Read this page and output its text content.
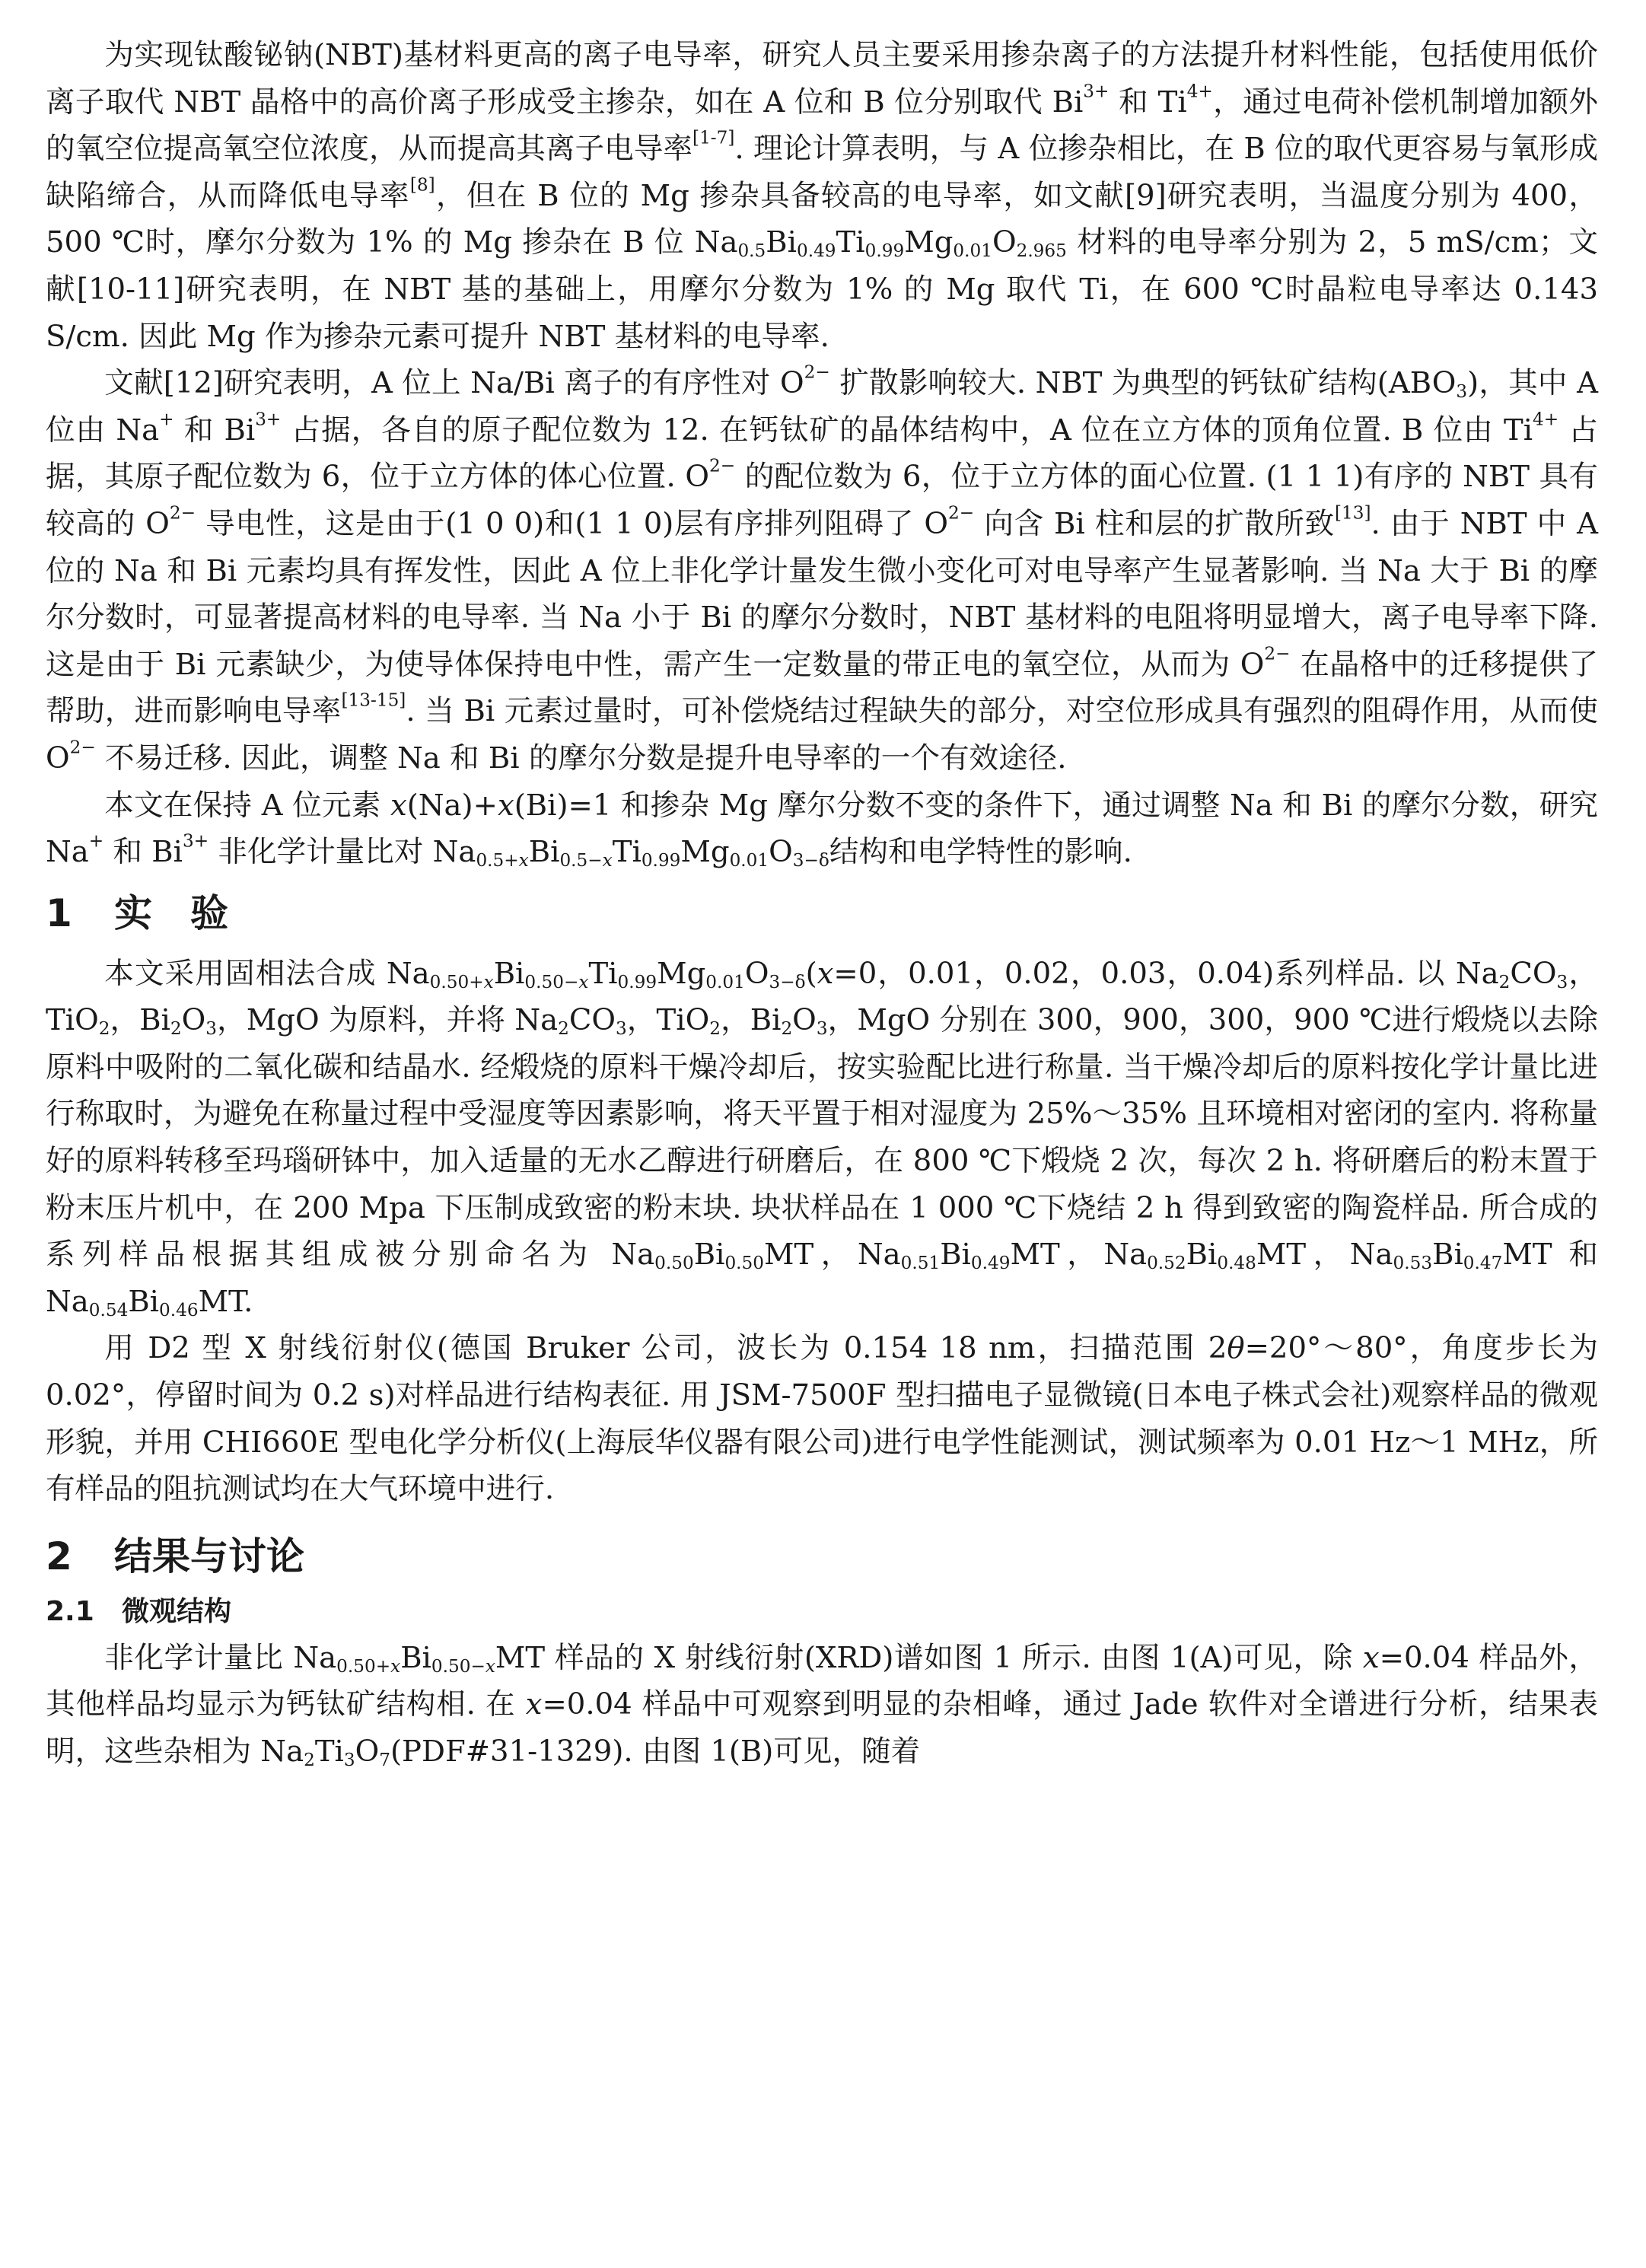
为实现钛酸铋钠(NBT)基材料更高的离子电导率，研究人员主要采用掺杂离子的方法提升材料性能，包括使用低价离子取代 NBT 晶格中的高价离子形成受主掺杂，如在 A 位和 B 位分别取代 $Bi^{3+}$ 和 $Ti^{4+}$，通过电荷补偿机制增加额外的氧空位提高氧空位浓度，从而提高其离子电导率[1-7]. 理论计算表明，与 A 位掺杂相比，在 B 位的取代更容易与氧形成缺陷缔合，从而降低电导率[8]，但在 B 位的 Mg 掺杂具备较高的电导率，如文献[9]研究表明，当温度分别为 400，500 ℃时，摩尔分数为 1% 的 Mg 掺杂在 B 位 $Na_{0.5}Bi_{0.49}Ti_{0.99}Mg_{0.01}O_{2.965}$ 材料的电导率分别为 2，5 mS/cm；文献[10-11]研究表明，在 NBT 基的基础上，用摩尔分数为 1% 的 Mg 取代 Ti，在 600 ℃时晶粒电导率达 0.143 S/cm. 因此 Mg 作为掺杂元素可提升 NBT 基材料的电导率.

文献[12]研究表明，A 位上 Na/Bi 离子的有序性对 $O^{2-}$ 扩散影响较大. NBT 为典型的钙钛矿结构$(ABO_3)$，其中 A 位由 Na+ 和 $Bi^{3+}$ 占据，各自的原子配位数为 12. 在钙钛矿的晶体结构中，A 位在立方体的顶角位置. B 位由 $Ti^{4+}$ 占据，其原子配位数为 6，位于立方体的体心位置. $O^{2-}$ 的配位数为 6，位于立方体的面心位置. (1 1 1)有序的 NBT 具有较高的 $O^{2-}$ 导电性，这是由于(1 0 0)和(1 1 0)层有序排列阻碍了 $O^{2-}$ 向含 Bi 柱和层的扩散所致[13]. 由于 NBT 中 A 位的 Na 和 Bi 元素均具有挥发性，因此 A 位上非化学计量发生微小变化可对电导率产生显著影响. 当 Na 大于 Bi 的摩尔分数时，可显著提高材料的电导率. 当 Na 小于 Bi 的摩尔分数时，NBT 基材料的电阻将明显增大，离子电导率下降. 这是由于 Bi 元素缺少，为使导体保持电中性，需产生一定数量的带正电的氧空位，从而为 $O^{2-}$ 在晶格中的迁移提供了帮助，进而影响电导率[13-15]. 当 Bi 元素过量时，可补偿烧结过程缺失的部分，对空位形成具有强烈的阻碍作用，从而使 $O^{2-}$ 不易迁移. 因此，调整 Na 和 Bi 的摩尔分数是提升电导率的一个有效途径.

本文在保持 A 位元素 x(Na)+x(Bi)=1 和掺杂 Mg 摩尔分数不变的条件下，通过调整 Na 和 Bi 的摩尔分数，研究 Na+ 和 $Bi^{3+}$ 非化学计量比对 $Na_{0.5+x}Bi_{0.5-x}Ti_{0.99}Mg_{0.01}O_{3-\delta}$结构和电学特性的影响.

1 实　验

本文采用固相法合成 $Na_{0.50+x}Bi_{0.50-x}Ti_{0.99}Mg_{0.01}O_{3-\delta}(x=0$，0.01，0.02，0.03，0.04)系列样品. 以 $Na_2CO_3$，TiO$_2$，$Bi_2O_3$，MgO 为原料，并将 $Na_2CO_3$，TiO$_2$，$Bi_2O_3$，MgO 分别在 300，900，300，900 ℃进行煅烧以去除原料中吸附的二氧化碳和结晶水. 经煅烧的原料干燥冷却后，按实验配比进行称量. 当干燥冷却后的原料按化学计量比进行称取时，为避免在称量过程中受湿度等因素影响，将天平置于相对湿度为 25%～35% 且环境相对密闭的室内. 将称量好的原料转移至玛瑙研钵中，加入适量的无水乙醇进行研磨后，在 800 ℃下煅烧 2 次，每次 2 h. 将研磨后的粉末置于粉末压片机中，在 200 Mpa 下压制成致密的粉末块. 块状样品在 1 000 ℃下烧结 2 h 得到致密的陶瓷样品. 所合成的系列样品根据其组成被分别命名为 $Na_{0.50}Bi_{0.50}MT$，$Na_{0.51}Bi_{0.49}MT$，$Na_{0.52}Bi_{0.48}MT$，$Na_{0.53}Bi_{0.47}MT$ 和 $Na_{0.54}Bi_{0.46}MT$.

用 D2 型 X 射线衍射仪(德国 Bruker 公司，波长为 0.154 18 nm，扫描范围 2θ=20°～80°，角度步长为 0.02°，停留时间为 0.2 s)对样品进行结构表征. 用 JSM-7500F 型扫描电子显微镜(日本电子株式会社)观察样品的微观形貌，并用 CHI660E 型电化学分析仪(上海辰华仪器有限公司)进行电学性能测试，测试频率为 0.01 Hz～1 MHz，所有样品的阻抗测试均在大气环境中进行.

2 结果与讨论
2.1 微观结构

非化学计量比 $Na_{0.50+x}Bi_{0.50-x}MT$ 样品的 X 射线衍射(XRD)谱如图 1 所示. 由图 1(A)可见，除 x=0.04 样品外，其他样品均显示为钙钛矿结构相. 在 x=0.04 样品中可观察到明显的杂相峰，通过 Jade 软件对全谱进行分析，结果表明，这些杂相为 $Na_2Ti_3O_7(PDF\#31-1329)$. 由图 1(B)可见，随着
